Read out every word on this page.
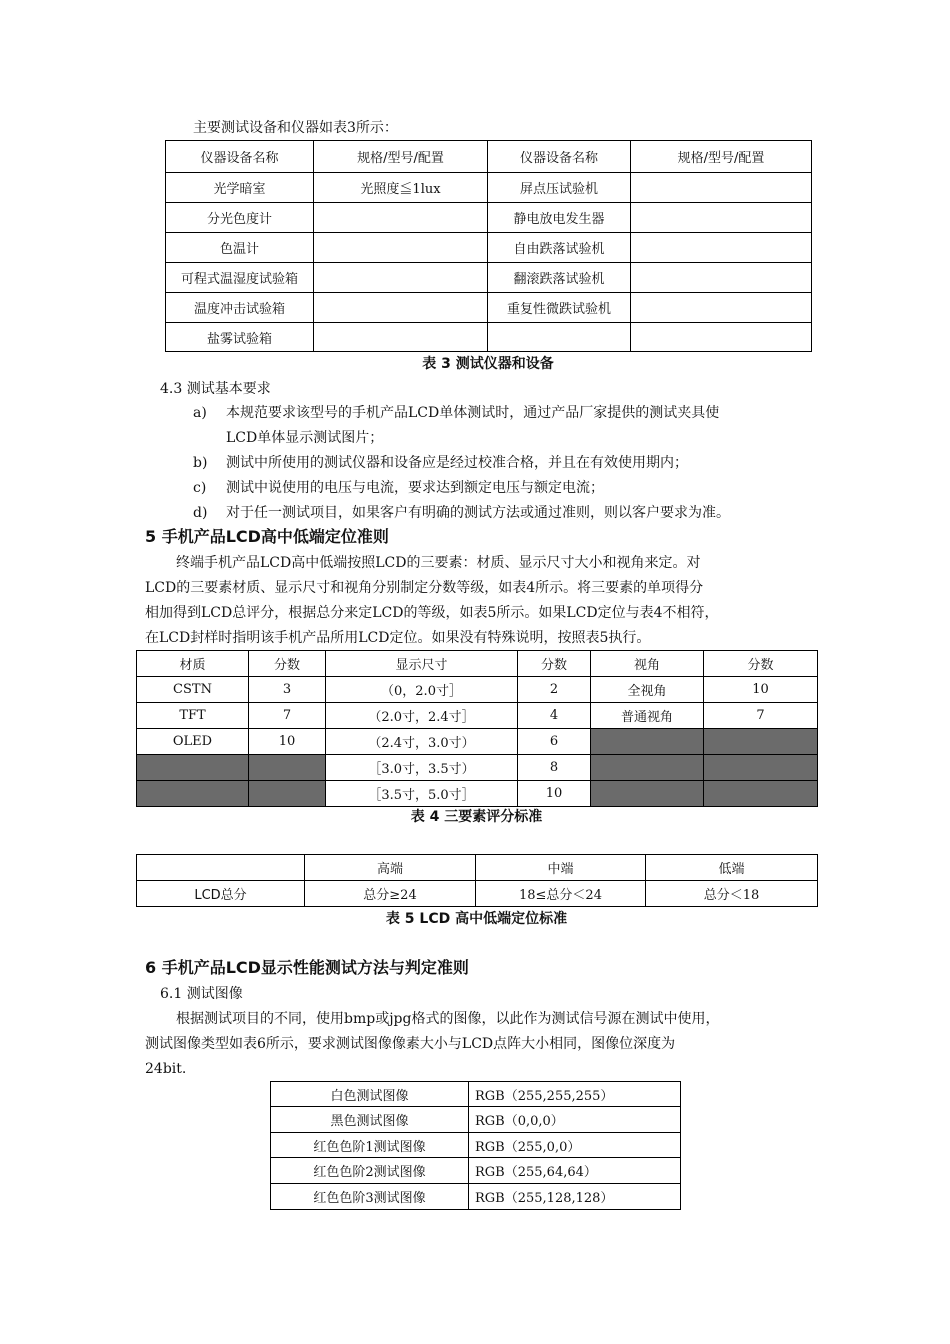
主要测试设备和仪器如表3所示：
仪器设备名称	规格/型号/配置	仪器设备名称	规格/型号/配置
光学暗室	光照度≦1lux	屏点压试验机	
分光色度计		静电放电发生器	
色温计		自由跌落试验机	
可程式温湿度试验箱		翻滚跌落试验机	
温度冲击试验箱		重复性微跌试验机	
盐雾试验箱			
表 3 测试仪器和设备
4.3 测试基本要求
a) 本规范要求该型号的手机产品LCD单体测试时，通过产品厂家提供的测试夹具使
LCD单体显示测试图片；
b) 测试中所使用的测试仪器和设备应是经过校准合格，并且在有效使用期内；
c) 测试中说使用的电压与电流，要求达到额定电压与额定电流；
d) 对于任一测试项目，如果客户有明确的测试方法或通过准则，则以客户要求为准。
5 手机产品LCD高中低端定位准则
终端手机产品LCD高中低端按照LCD的三要素：材质、显示尺寸大小和视角来定。对
LCD的三要素材质、显示尺寸和视角分别制定分数等级，如表4所示。将三要素的单项得分
相加得到LCD总评分，根据总分来定LCD的等级，如表5所示。如果LCD定位与表4不相符，
在LCD封样时指明该手机产品所用LCD定位。如果没有特殊说明，按照表5执行。
材质	分数	显示尺寸	分数	视角	分数
CSTN	3	（0，2.0寸］	2	全视角	10
TFT	7	（2.0寸，2.4寸］	4	普通视角	7
OLED	10	（2.4寸，3.0寸）	6		
		［3.0寸，3.5寸）	8		
		［3.5寸，5.0寸］	10		
表 4 三要素评分标准
	高端	中端	低端
LCD总分	总分≥24	18≤总分＜24	总分＜18
表 5 LCD 高中低端定位标准
6 手机产品LCD显示性能测试方法与判定准则
6.1 测试图像
根据测试项目的不同，使用bmp或jpg格式的图像，以此作为测试信号源在测试中使用，
测试图像类型如表6所示，要求测试图像像素大小与LCD点阵大小相同，图像位深度为
24bit.
白色测试图像	RGB（255,255,255）
黑色测试图像	RGB（0,0,0）
红色色阶1测试图像	RGB（255,0,0）
红色色阶2测试图像	RGB（255,64,64）
红色色阶3测试图像	RGB（255,128,128）
